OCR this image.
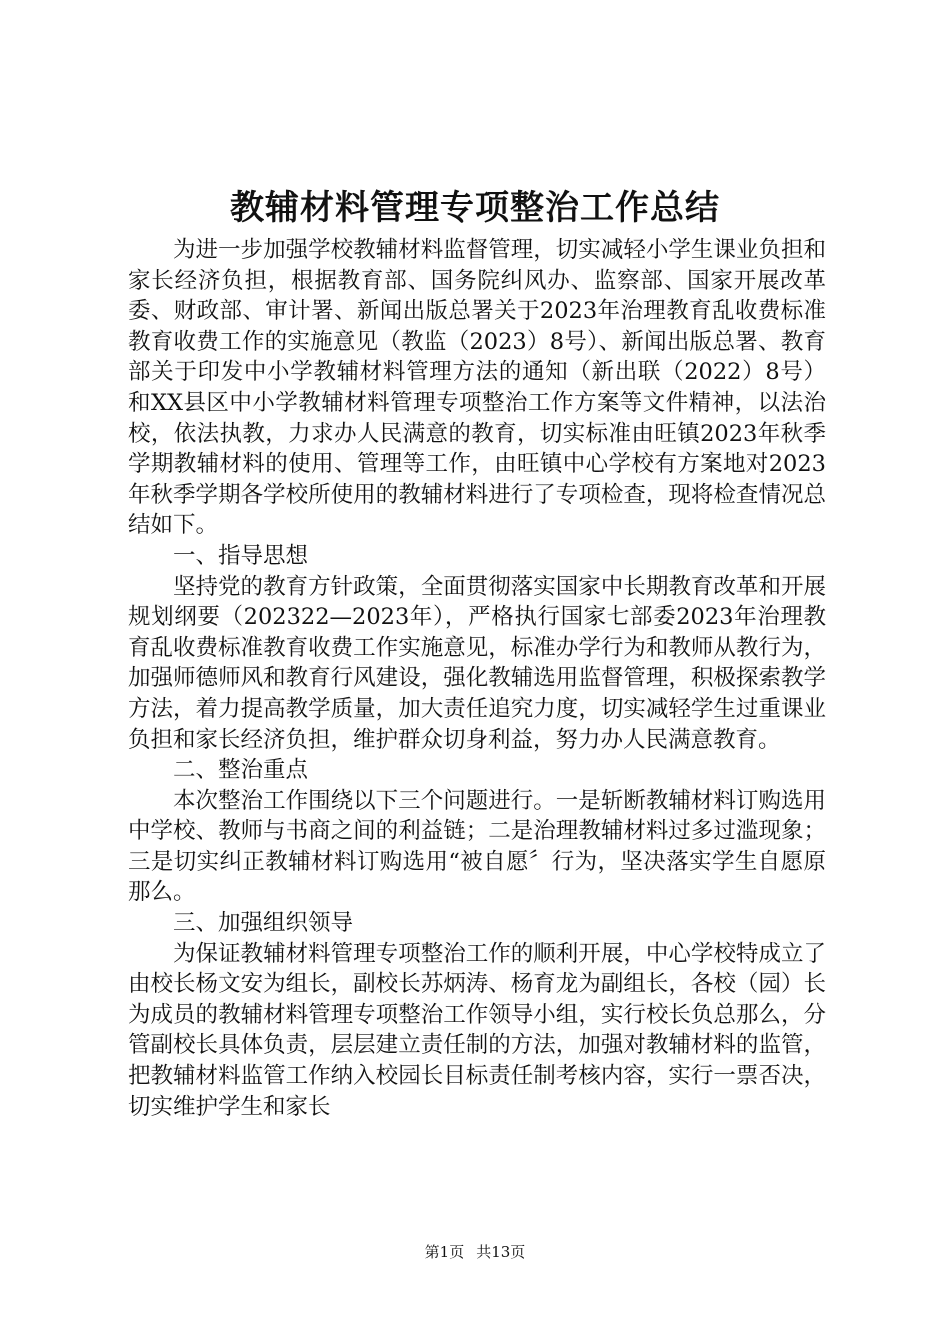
教辅材料管理专项整治工作总结

为进一步加强学校教辅材料监督管理，切实减轻小学生课业负担和家长经济负担，根据教育部、国务院纠风办、监察部、国家开展改革委、财政部、审计署、新闻出版总署关于2023年治理教育乱收费标准教育收费工作的实施意见（教监（2023）8号）、新闻出版总署、教育部关于印发中小学教辅材料管理方法的通知（新出联（2022）8号）和XX县区中小学教辅材料管理专项整治工作方案等文件精神，以法治校，依法执教，力求办人民满意的教育，切实标准由旺镇2023年秋季学期教辅材料的使用、管理等工作，由旺镇中心学校有方案地对2023年秋季学期各学校所使用的教辅材料进行了专项检查，现将检查情况总结如下。

一、指导思想

坚持党的教育方针政策，全面贯彻落实国家中长期教育改革和开展规划纲要（202322—2023年），严格执行国家七部委2023年治理教育乱收费标准教育收费工作实施意见，标准办学行为和教师从教行为，加强师德师风和教育行风建设，强化教辅选用监督管理，积极探索教学方法，着力提高教学质量，加大责任追究力度，切实减轻学生过重课业负担和家长经济负担，维护群众切身利益，努力办人民满意教育。

二、整治重点

本次整治工作围绕以下三个问题进行。一是斩断教辅材料订购选用中学校、教师与书商之间的利益链；二是治理教辅材料过多过滥现象；三是切实纠正教辅材料订购选用“被自愿〞行为，坚决落实学生自愿原那么。

三、加强组织领导

为保证教辅材料管理专项整治工作的顺利开展，中心学校特成立了由校长杨文安为组长，副校长苏炳涛、杨育龙为副组长，各校（园）长为成员的教辅材料管理专项整治工作领导小组，实行校长负总那么，分管副校长具体负责，层层建立责任制的方法，加强对教辅材料的监管，把教辅材料监管工作纳入校园长目标责任制考核内容，实行一票否决，切实维护学生和家长

第1页 共13页
